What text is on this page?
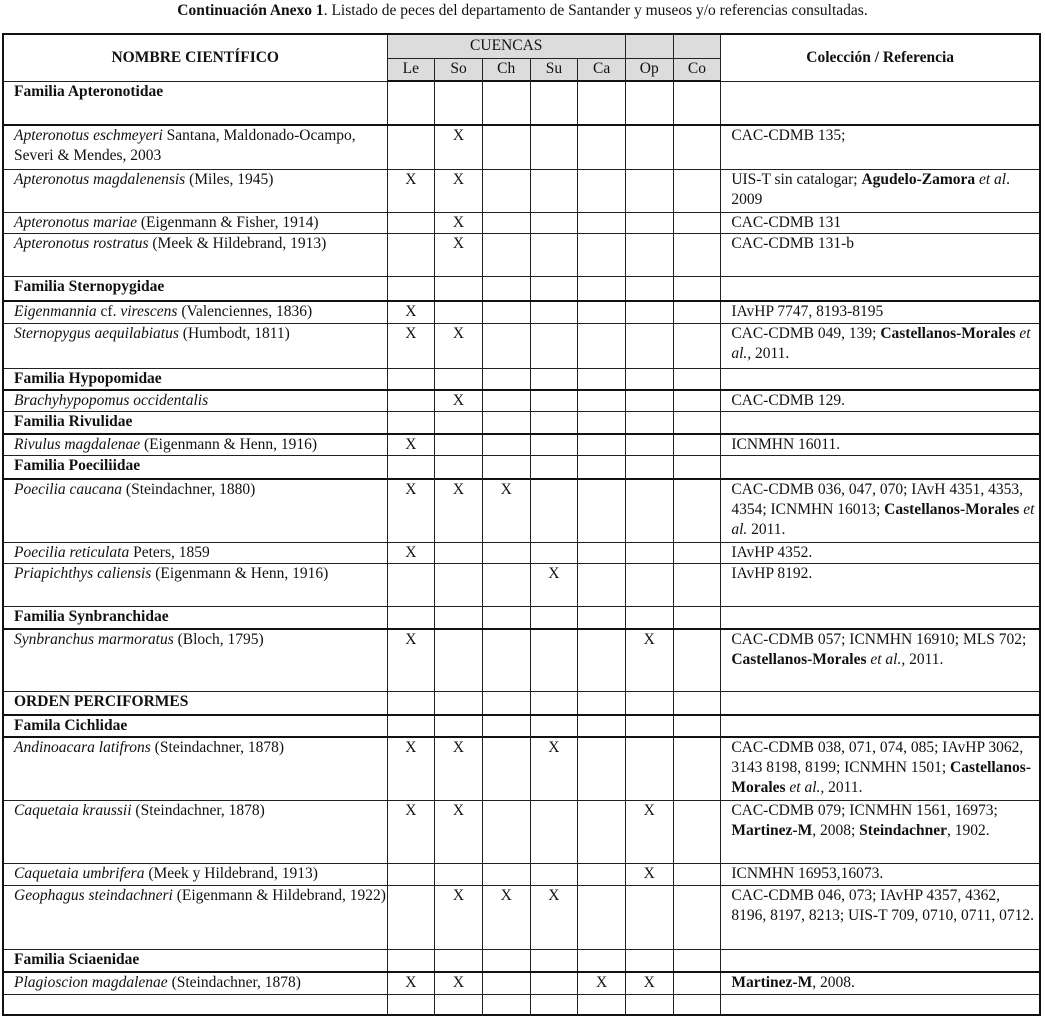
Continuación Anexo 1. Listado de peces del departamento de Santander y museos y/o referencias consultadas.
NOMBRE CIENTÍFICO	CUENCAS							Colección / Referencia
	Le	So	Ch	Su	Ca	Op	Co	
Familia Apteronotidae								
Apteronotus eschmeyeri Santana, Maldonado-Ocampo, Severi & Mendes, 2003		X						CAC-CDMB 135;
Apteronotus magdalenensis (Miles, 1945)	X	X						UIS-T sin catalogar; Agudelo-Zamora et al. 2009
Apteronotus mariae (Eigenmann & Fisher, 1914)		X						CAC-CDMB 131
Apteronotus rostratus (Meek & Hildebrand, 1913)		X						CAC-CDMB 131-b
Familia Sternopygidae								
Eigenmannia cf. virescens (Valenciennes, 1836)	X							IAvHP 7747, 8193-8195
Sternopygus aequilabiatus (Humbodt, 1811)	X	X						CAC-CDMB 049, 139; Castellanos-Morales et al., 2011.
Familia Hypopomidae								
Brachyhypopomus occidentalis		X						CAC-CDMB 129.
Familia Rivulidae								
Rivulus magdalenae (Eigenmann & Henn, 1916)	X							ICNMHN 16011.
Familia Poeciliidae								
Poecilia caucana (Steindachner, 1880)	X	X	X					CAC-CDMB 036, 047, 070; IAvH 4351, 4353, 4354; ICNMHN 16013; Castellanos-Morales et al. 2011.
Poecilia reticulata Peters, 1859	X							IAvHP 4352.
Priapichthys caliensis (Eigenmann & Henn, 1916)				X				IAvHP 8192.
Familia Synbranchidae								
Synbranchus marmoratus (Bloch, 1795)	X					X		CAC-CDMB 057; ICNMHN 16910; MLS 702; Castellanos-Morales et al., 2011.
ORDEN PERCIFORMES								
Famila Cichlidae								
Andinoacara latifrons (Steindachner, 1878)	X	X		X				CAC-CDMB 038, 071, 074, 085; IAvHP 3062, 3143 8198, 8199; ICNMHN 1501; Castellanos-Morales et al., 2011.
Caquetaia kraussii (Steindachner, 1878)	X	X				X		CAC-CDMB 079; ICNMHN 1561, 16973; Martinez-M, 2008; Steindachner, 1902.
Caquetaia umbrifera (Meek y Hildebrand, 1913)						X		ICNMHN 16953,16073.
Geophagus steindachneri (Eigenmann & Hildebrand, 1922)		X	X	X				CAC-CDMB 046, 073; IAvHP 4357, 4362, 8196, 8197, 8213; UIS-T 709, 0710, 0711, 0712.
Familia Sciaenidae								
Plagioscion magdalenae (Steindachner, 1878)	X	X			X	X		Martinez-M, 2008.
